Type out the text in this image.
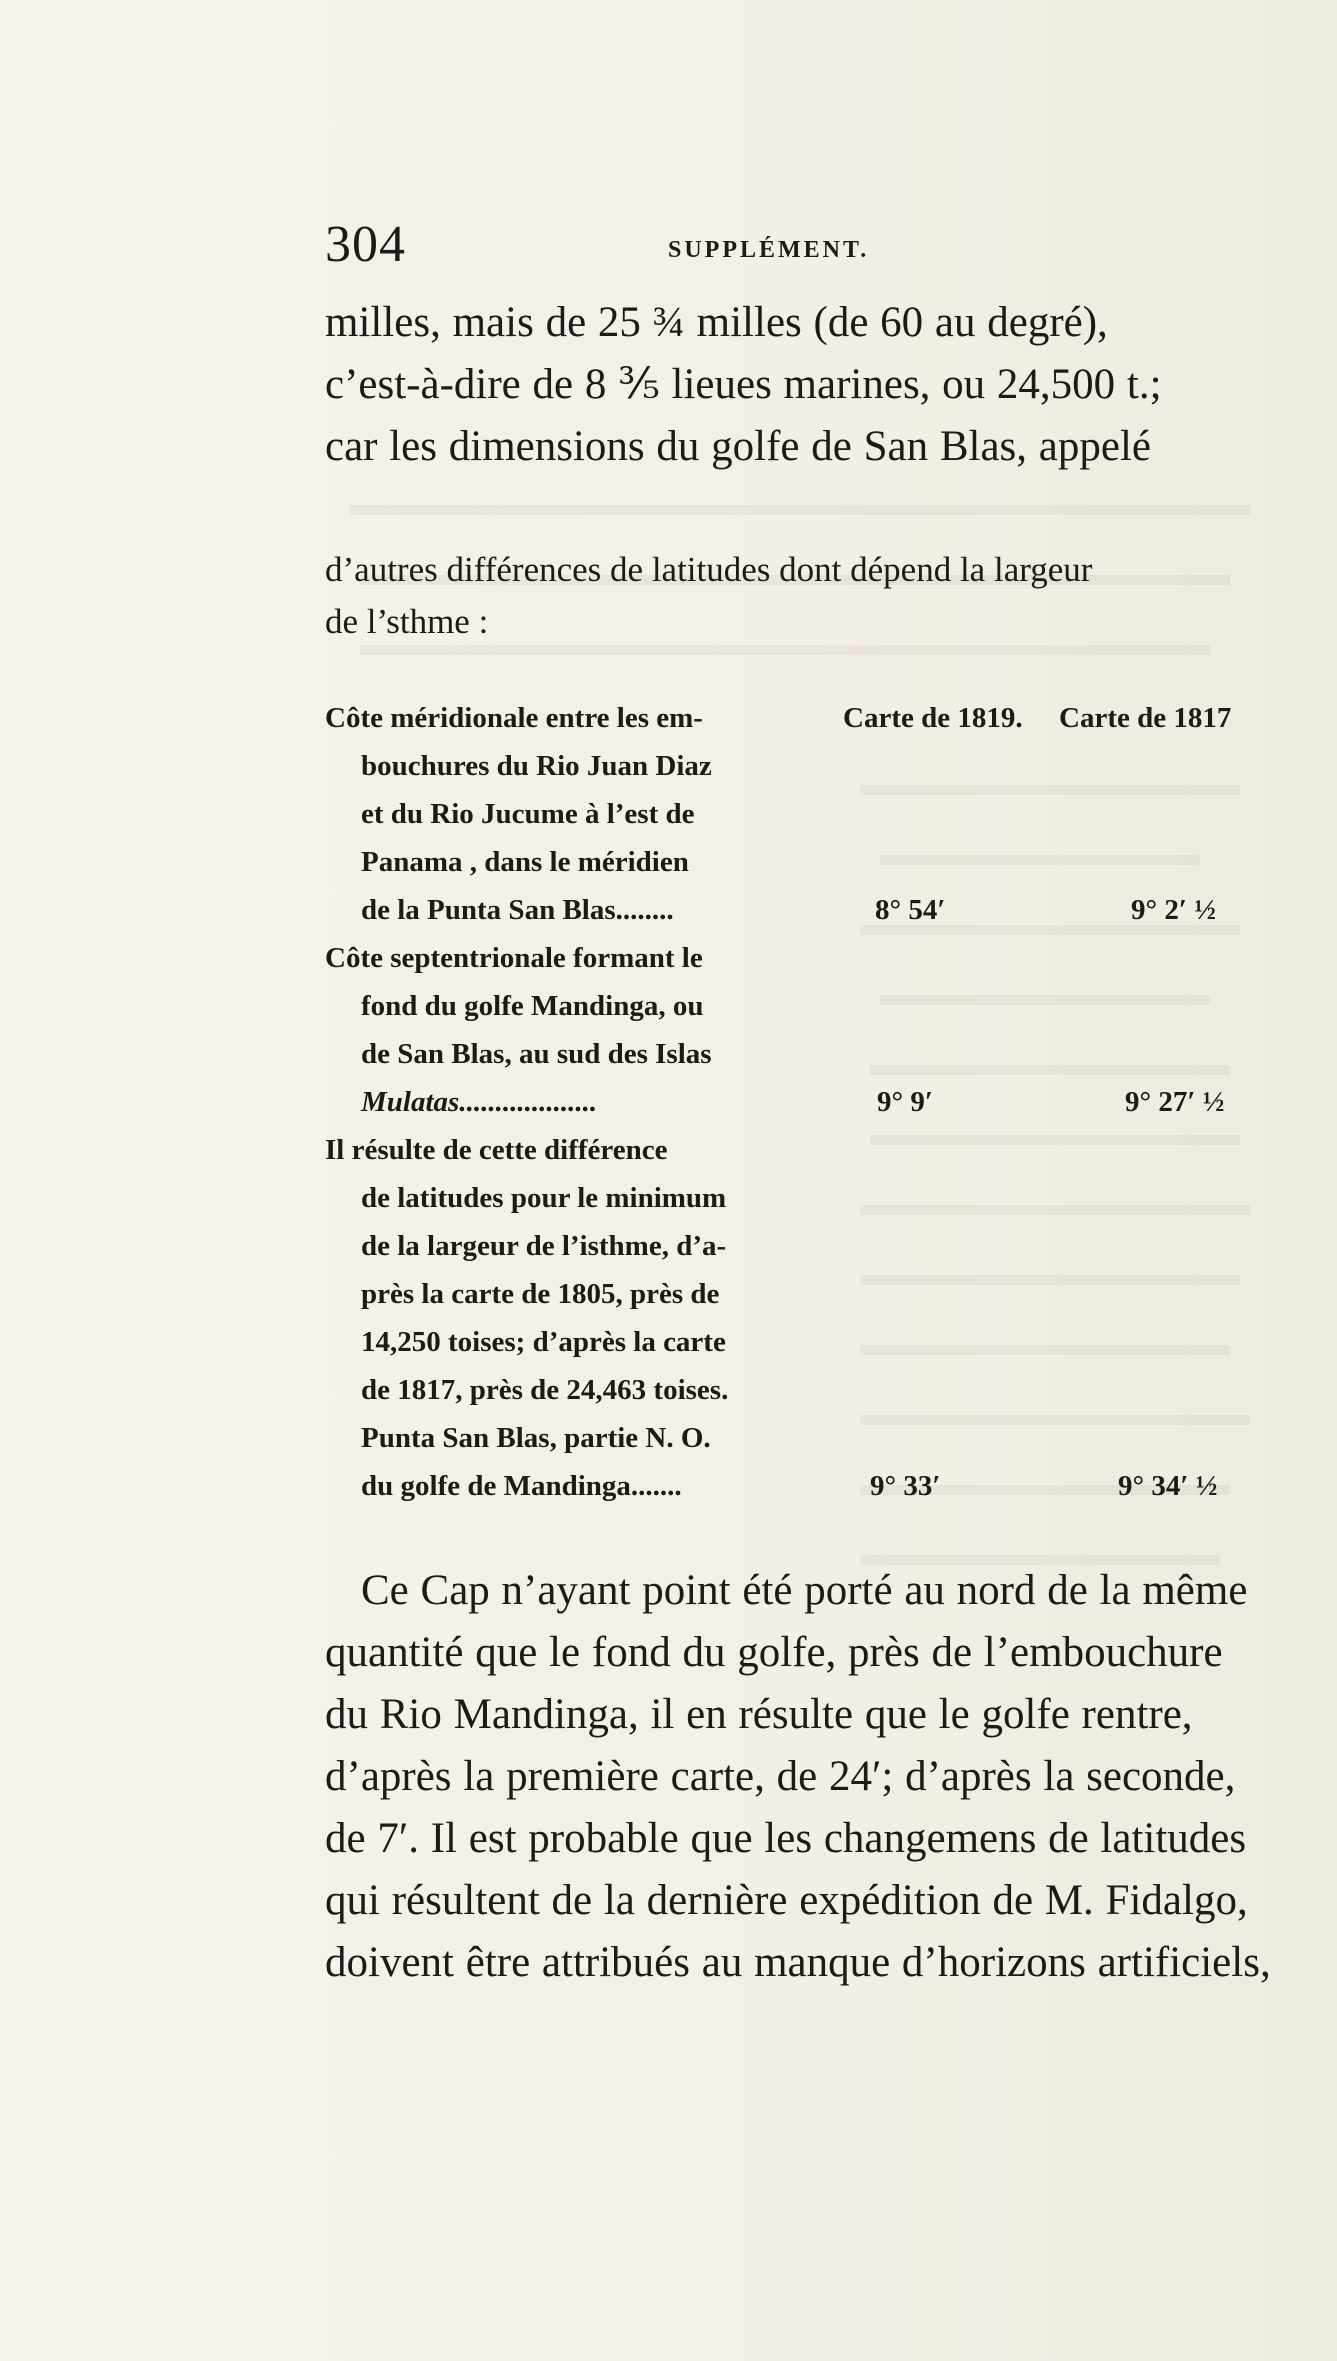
304	SUPPLÉMENT.
milles, mais de 25 ¾ milles (de 60 au degré),
c’est-à-dire de 8 ⅗ lieues marines, ou 24,500 t.;
car les dimensions du golfe de San Blas, appelé
d’autres différences de latitudes dont dépend la largeur
de l’sthme :
Côte méridionale entre les em-	Carte de 1819. Carte de 1817
bouchures du Rio Juan Diaz
et du Rio Jucume à l’est de
Panama , dans le méridien
de la Punta San Blas........	8° 54′	9° 2′ ½
Côte septentrionale formant le
fond du golfe Mandinga, ou
de San Blas, au sud des Islas
Mulatas...................	9° 9′	9° 27′ ½
Il résulte de cette différence
de latitudes pour le minimum
de la largeur de l’isthme, d’a-
près la carte de 1805, près de
14,250 toises; d’après la carte
de 1817, près de 24,463 toises.
Punta San Blas, partie N. O.
du golfe de Mandinga.......	9° 33′	9° 34′ ½
Ce Cap n’ayant point été porté au nord de la même
quantité que le fond du golfe, près de l’embouchure
du Rio Mandinga, il en résulte que le golfe rentre,
d’après la première carte, de 24′; d’après la seconde,
de 7′. Il est probable que les changemens de latitudes
qui résultent de la dernière expédition de M. Fidalgo,
doivent être attribués au manque d’horizons artificiels,
